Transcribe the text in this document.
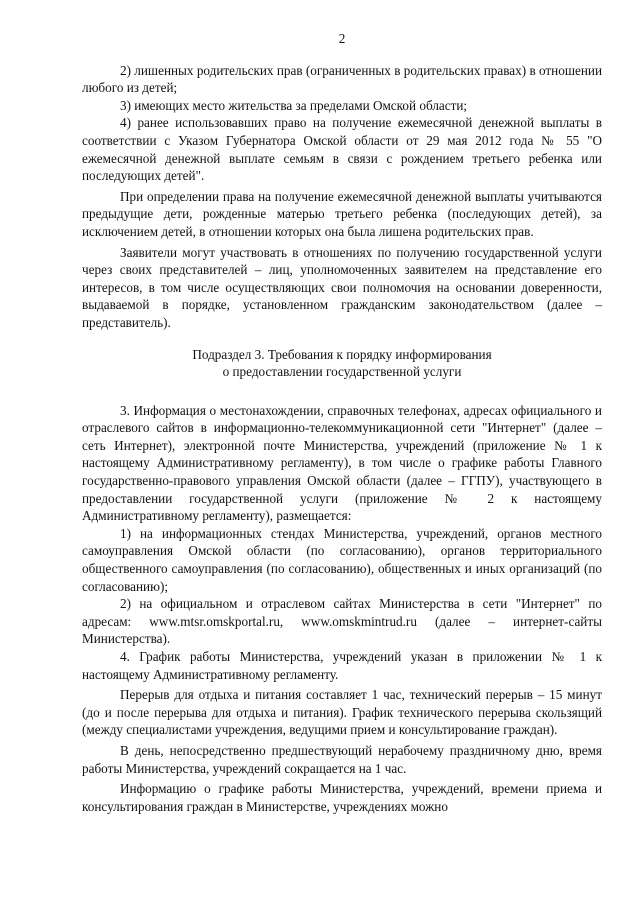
2

2) лишенных родительских прав (ограниченных в родительских правах) в отношении любого из детей;

3) имеющих место жительства за пределами Омской области;

4) ранее использовавших право на получение ежемесячной денежной выплаты в соответствии с Указом Губернатора Омской области от 29 мая 2012 года № 55 "О ежемесячной денежной выплате семьям в связи с рождением третьего ребенка или последующих детей".

При определении права на получение ежемесячной денежной выплаты учитываются предыдущие дети, рожденные матерью третьего ребенка (последующих детей), за исключением детей, в отношении которых она была лишена родительских прав.

Заявители могут участвовать в отношениях по получению государственной услуги через своих представителей – лиц, уполномоченных заявителем на представление его интересов, в том числе осуществляющих свои полномочия на основании доверенности, выдаваемой в порядке, установленном гражданским законодательством (далее – представитель).

Подраздел 3. Требования к порядку информирования
о предоставлении государственной услуги

3. Информация о местонахождении, справочных телефонах, адресах официального и отраслевого сайтов в информационно-телекоммуникационной сети "Интернет" (далее – сеть Интернет), электронной почте Министерства, учреждений (приложение № 1 к настоящему Административному регламенту), в том числе о графике работы Главного государственно-правового управления Омской области (далее – ГГПУ), участвующего в предоставлении государственной услуги (приложение № 2 к настоящему Административному регламенту), размещается:

1) на информационных стендах Министерства, учреждений, органов местного самоуправления Омской области (по согласованию), органов территориального общественного самоуправления (по согласованию), общественных и иных организаций (по согласованию);

2) на официальном и отраслевом сайтах Министерства в сети "Интернет" по адресам: www.mtsr.omskportal.ru, www.omskmintrud.ru (далее – интернет-сайты Министерства).

4. График работы Министерства, учреждений указан в приложении № 1 к настоящему Административному регламенту.

Перерыв для отдыха и питания составляет 1 час, технический перерыв – 15 минут (до и после перерыва для отдыха и питания). График технического перерыва скользящий (между специалистами учреждения, ведущими прием и консультирование граждан).

В день, непосредственно предшествующий нерабочему праздничному дню, время работы Министерства, учреждений сокращается на 1 час.

Информацию о графике работы Министерства, учреждений, времени приема и консультирования граждан в Министерстве, учреждениях можно
